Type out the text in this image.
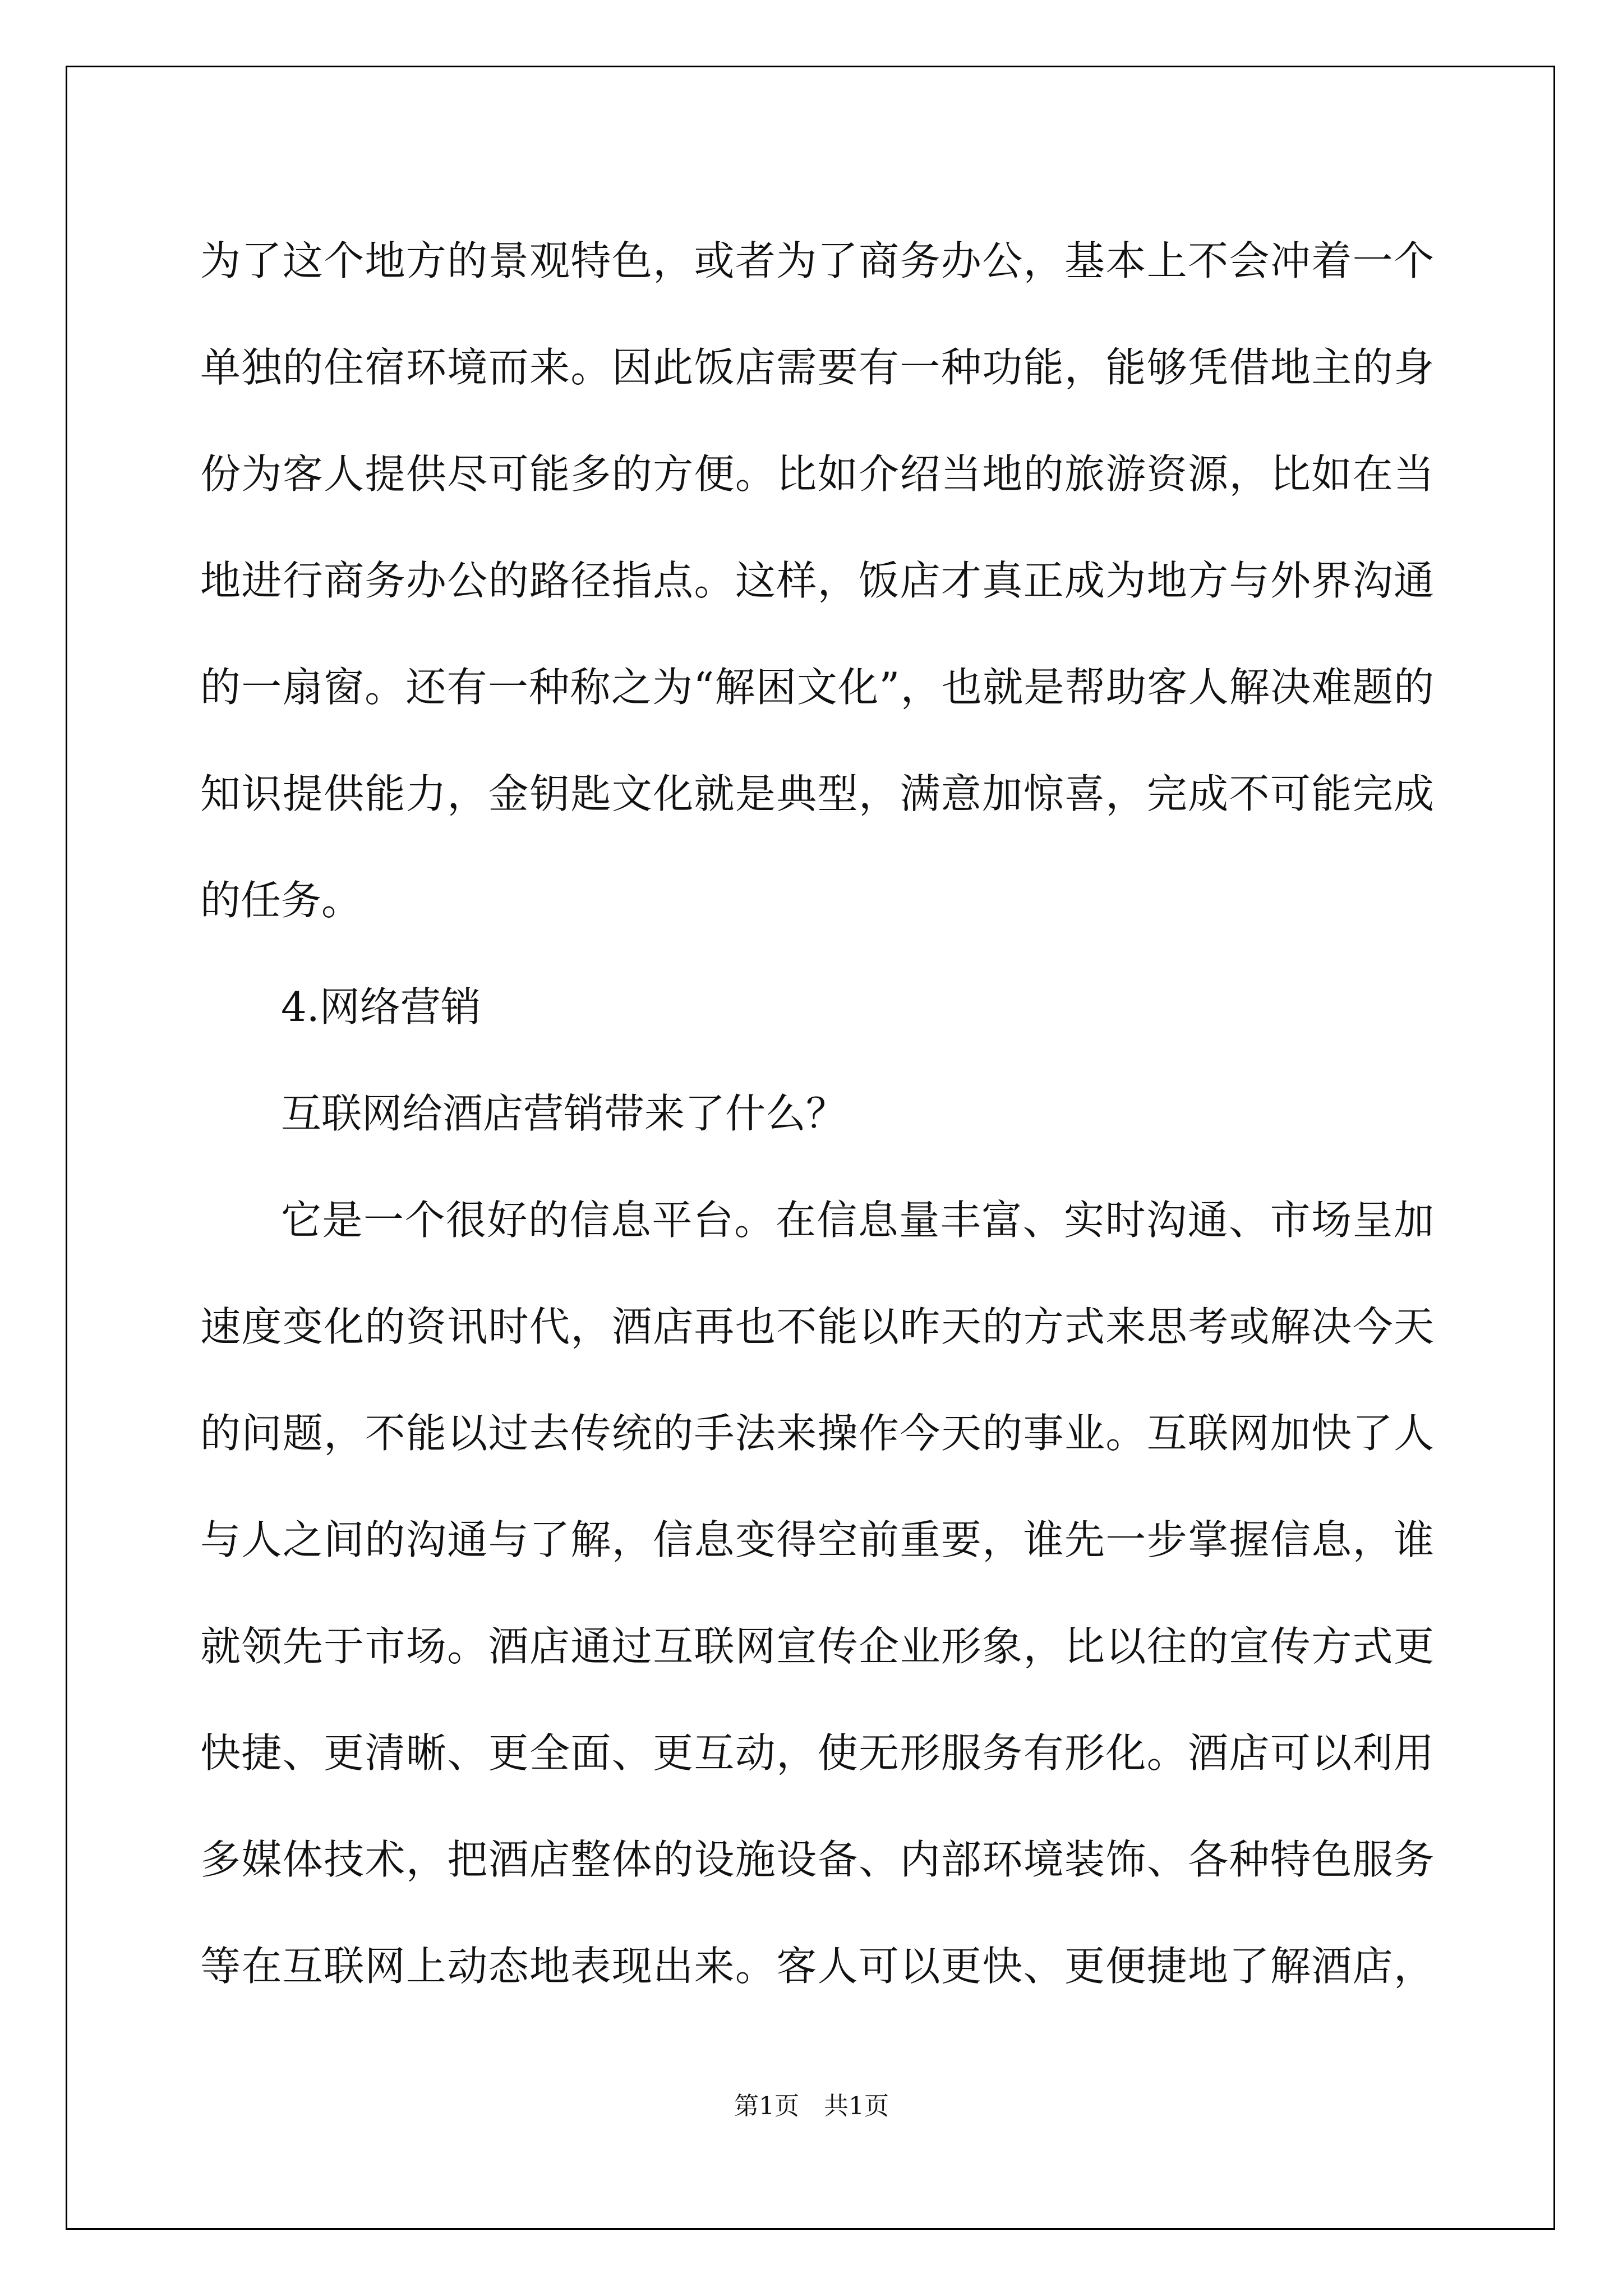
为了这个地方的景观特色，或者为了商务办公，基本上不会冲着一个
单独的住宿环境而来。因此饭店需要有一种功能，能够凭借地主的身
份为客人提供尽可能多的方便。比如介绍当地的旅游资源，比如在当
地进行商务办公的路径指点。这样，饭店才真正成为地方与外界沟通
的一扇窗。还有一种称之为“解困文化”，也就是帮助客人解决难题的
知识提供能力，金钥匙文化就是典型，满意加惊喜，完成不可能完成
的任务。
4.网络营销
互联网给酒店营销带来了什么？
它是一个很好的信息平台。在信息量丰富、实时沟通、市场呈加
速度变化的资讯时代，酒店再也不能以昨天的方式来思考或解决今天
的问题，不能以过去传统的手法来操作今天的事业。互联网加快了人
与人之间的沟通与了解，信息变得空前重要，谁先一步掌握信息，谁
就领先于市场。酒店通过互联网宣传企业形象，比以往的宣传方式更
快捷、更清晰、更全面、更互动，使无形服务有形化。酒店可以利用
多媒体技术，把酒店整体的设施设备、内部环境装饰、各种特色服务
等在互联网上动态地表现出来。客人可以更快、更便捷地了解酒店，
第1页　共1页
